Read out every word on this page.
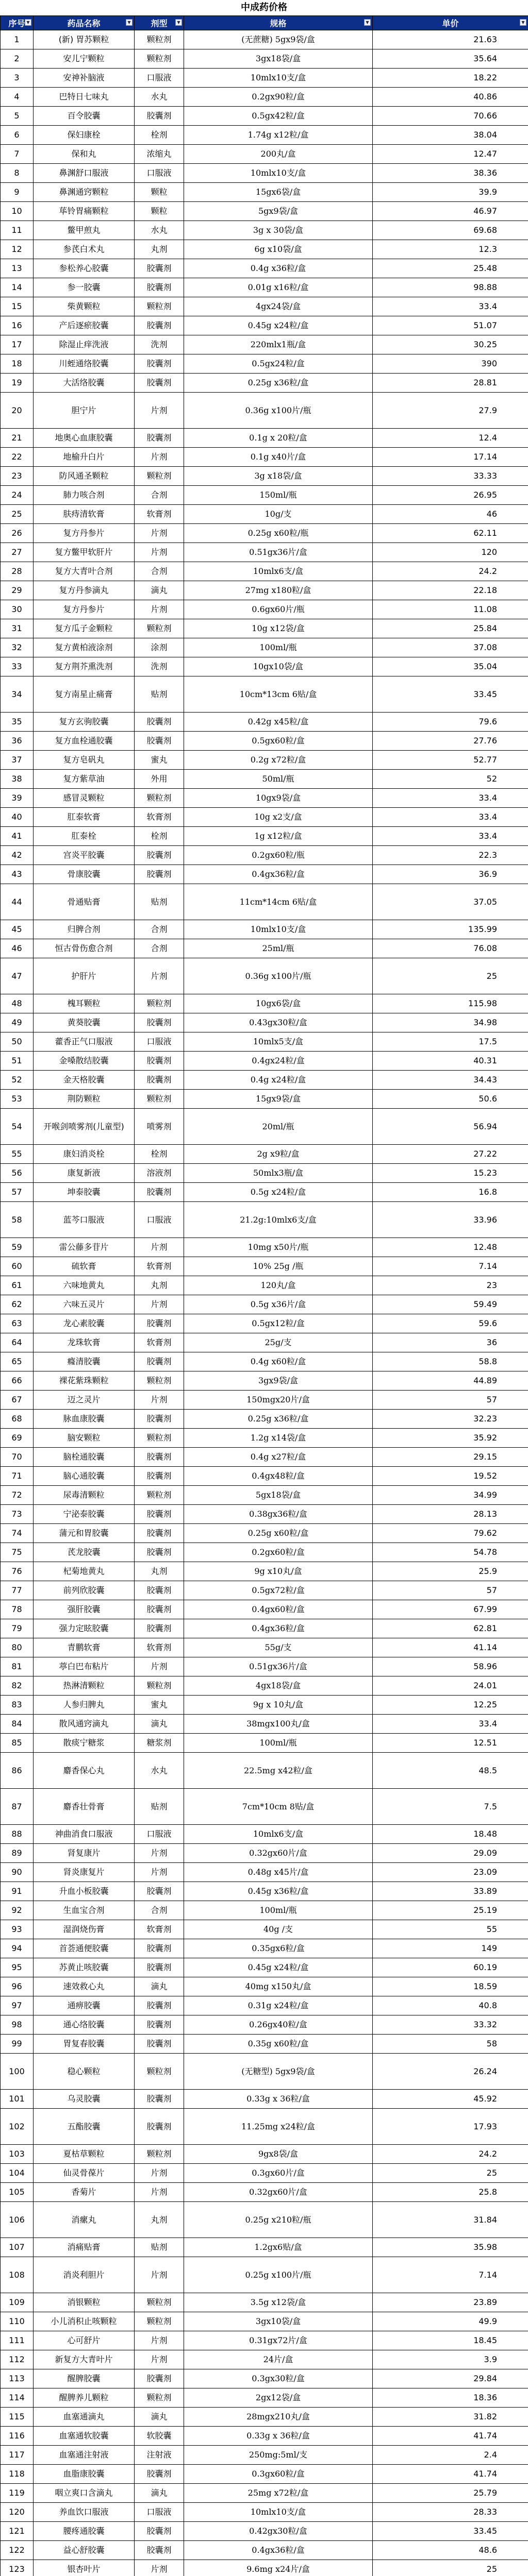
中成药价格
序号 ▼	药品名称 ▼	剂型 ▼	规格 ▼	单价 ▼

1	(新) 胃苏颗粒	颗粒剂	(无蔗糖) 5gx9袋/盒	21.63
2	安儿宁颗粒	颗粒剂	3gx18袋/盒	35.64
3	安神补脑液	口服液	10mlx10支/盒	18.22
4	巴特日七味丸	水丸	0.2gx90粒/盒	40.86
5	百令胶囊	胶囊剂	0.5gx42粒/盒	70.66
6	保妇康栓	栓剂	1.74g x12粒/盒	38.04
7	保和丸	浓缩丸	200丸/盒	12.47
8	鼻渊舒口服液	口服液	10mlx10支/盒	38.36
9	鼻渊通窍颗粒	颗粒	15gx6袋/盒	39.9
10	荜铃胃痛颗粒	颗粒	5gx9袋/盒	46.97
11	鳖甲煎丸	水丸	3g x 30袋/盒	69.68
12	参芪白术丸	丸剂	6g x10袋/盒	12.3
13	参松养心胶囊	胶囊剂	0.4g x36粒/盒	25.48
14	参一胶囊	胶囊剂	0.01g x16粒/盒	98.88
15	柴黄颗粒	颗粒剂	4gx24袋/盒	33.4
16	产后逐瘀胶囊	胶囊剂	0.45g x24粒/盒	51.07
17	除湿止痒洗液	洗剂	220mlx1瓶/盒	30.25
18	川蛭通络胶囊	胶囊剂	0.5gx24粒/盒	390
19	大活络胶囊	胶囊剂	0.25g x36粒/盒	28.81
20	胆宁片	片剂	0.36g x100片/瓶	27.9
21	地奥心血康胶囊	胶囊剂	0.1g x 20粒/盒	12.4
22	地榆升白片	片剂	0.1g x40片/盒	17.14
23	防风通圣颗粒	颗粒剂	3g x18袋/盒	33.33
24	肺力咳合剂	合剂	150ml/瓶	26.95
25	肤痔清软膏	软膏剂	10g/支	46
26	复方丹参片	片剂	0.25g x60粒/瓶	62.11
27	复方鳖甲软肝片	片剂	0.51gx36片/盒	120
28	复方大青叶合剂	合剂	10mlx6支/盒	24.2
29	复方丹参滴丸	滴丸	27mg x180粒/盒	22.18
30	复方丹参片	片剂	0.6gx60片/瓶	11.08
31	复方瓜子金颗粒	颗粒剂	10g x12袋/盒	25.84
32	复方黄柏液涂剂	涂剂	100ml/瓶	37.08
33	复方荆芥熏洗剂	洗剂	10gx10袋/盒	35.04
34	复方南星止痛膏	贴剂	10cm*13cm 6贴/盒	33.45
35	复方玄驹胶囊	胶囊剂	0.42g x45粒/盒	79.6
36	复方血栓通胶囊	胶囊剂	0.5gx60粒/盒	27.76
37	复方皂矾丸	蜜丸	0.2g x72粒/盒	52.77
38	复方紫草油	外用	50ml/瓶	52
39	感冒灵颗粒	颗粒剂	10gx9袋/盒	33.4
40	肛泰软膏	软膏剂	10g x2支/盒	33.4
41	肛泰栓	栓剂	1g x12粒/盒	33.4
42	宫炎平胶囊	胶囊剂	0.2gx60粒/瓶	22.3
43	骨康胶囊	胶囊剂	0.4gx36粒/盒	36.9
44	骨通贴膏	贴剂	11cm*14cm 6贴/盒	37.05
45	归脾合剂	合剂	10mlx10支/盒	135.99
46	恒古骨伤愈合剂	合剂	25ml/瓶	76.08
47	护肝片	片剂	0.36g x100片/瓶	25
48	槐耳颗粒	颗粒剂	10gx6袋/盒	115.98
49	黄葵胶囊	胶囊剂	0.43gx30粒/盒	34.98
50	藿香正气口服液	口服液	10mlx5支/盒	17.5
51	金嗓散结胶囊	胶囊剂	0.4gx24粒/盒	40.31
52	金天格胶囊	胶囊剂	0.4g x24粒/盒	34.43
53	荆防颗粒	颗粒剂	15gx9袋/盒	50.6
54	开喉剑喷雾剂(儿童型)	喷雾剂	20ml/瓶	56.94
55	康妇消炎栓	栓剂	2g x9粒/盒	27.22
56	康复新液	溶液剂	50mlx3瓶/盒	15.23
57	坤泰胶囊	胶囊剂	0.5g x24粒/盒	16.8
58	蓝芩口服液	口服液	21.2g:10mlx6支/盒	33.96
59	雷公藤多苷片	片剂	10mg x50片/瓶	12.48
60	硫软膏	软膏剂	10% 25g /瓶	7.14
61	六味地黄丸	丸剂	120丸/盒	23
62	六味五灵片	片剂	0.5g x36片/盒	59.49
63	龙心素胶囊	胶囊剂	0.5gx12粒/盒	59.6
64	龙珠软膏	软膏剂	25g/支	36
65	癃清胶囊	胶囊剂	0.4g x60粒/盒	58.8
66	裸花紫珠颗粒	颗粒剂	3gx9袋/盒	44.89
67	迈之灵片	片剂	150mgx20片/盒	57
68	脉血康胶囊	胶囊剂	0.25g x36粒/盒	32.23
69	脑安颗粒	颗粒剂	1.2g x14袋/盒	35.92
70	脑栓通胶囊	胶囊剂	0.4g x27粒/盒	29.15
71	脑心通胶囊	胶囊剂	0.4gx48粒/盒	19.52
72	尿毒清颗粒	颗粒剂	5gx18袋/盒	34.99
73	宁泌泰胶囊	胶囊剂	0.38gx36粒/盒	28.13
74	蒲元和胃胶囊	胶囊剂	0.25g x60粒/盒	79.62
75	芪龙胶囊	胶囊剂	0.2gx60粒/盒	54.78
76	杞菊地黄丸	丸剂	9g x10丸/盒	25.9
77	前列欣胶囊	胶囊剂	0.5gx72粒/盒	57
78	强肝胶囊	胶囊剂	0.4gx60粒/盒	67.99
79	强力定眩胶囊	胶囊剂	0.4gx36粒/盒	62.81
80	青鹏软膏	软膏剂	55g/支	41.14
81	葶白巴布粘片	片剂	0.51gx36片/盒	58.96
82	热淋清颗粒	颗粒剂	4gx18袋/盒	24.01
83	人参归脾丸	蜜丸	9g x 10丸/盒	12.25
84	散风通窍滴丸	滴丸	38mgx100丸/盒	33.4
85	散痰宁糖浆	糖浆剂	100ml/瓶	12.51
86	麝香保心丸	水丸	22.5mg x42粒/盒	48.5
87	麝香壮骨膏	贴剂	7cm*10cm 8贴/盒	7.5
88	神曲消食口服液	口服液	10mlx6支/盒	18.48
89	肾复康片	片剂	0.32gx60片/盒	29.09
90	肾炎康复片	片剂	0.48g x45片/盒	23.09
91	升血小板胶囊	胶囊剂	0.45g x36粒/盒	33.89
92	生血宝合剂	合剂	100ml/瓶	25.19
93	湿润烧伤膏	软膏剂	40g /支	55
94	首荟通便胶囊	胶囊剂	0.35gx6粒/盒	149
95	苏黄止咳胶囊	胶囊剂	0.45g x24粒/盒	60.19
96	速效救心丸	滴丸	40mg x150丸/盒	18.59
97	通痹胶囊	胶囊剂	0.31g x24粒/盒	40.8
98	通心络胶囊	胶囊剂	0.26gx40粒/盒	33.32
99	胃复春胶囊	胶囊剂	0.35g x60粒/盒	58
100	稳心颗粒	颗粒剂	(无糖型) 5gx9袋/盒	26.24
101	乌灵胶囊	胶囊剂	0.33g x 36粒/盒	45.92
102	五酯胶囊	胶囊剂	11.25mg x24粒/盒	17.93
103	夏枯草颗粒	颗粒剂	9gx8袋/盒	24.2
104	仙灵骨葆片	片剂	0.3gx60片/盒	25
105	香菊片	片剂	0.32gx60片/盒	25.8
106	消瘰丸	丸剂	0.25g x210粒/瓶	31.84
107	消痛贴膏	贴剂	1.2gx6贴/盒	35.98
108	消炎利胆片	片剂	0.25g x100片/瓶	7.14
109	消银颗粒	颗粒剂	3.5g x12袋/盒	23.89
110	小儿消积止咳颗粒	颗粒剂	3gx10袋/盒	49.9
111	心可舒片	片剂	0.31gx72片/盒	18.45
112	新复方大青叶片	片剂	24片/盒	3.9
113	醒脾胶囊	胶囊剂	0.3gx30粒/盒	29.84
114	醒脾养儿颗粒	颗粒剂	2gx12袋/盒	18.36
115	血塞通滴丸	滴丸	28mgx210丸/盒	31.82
116	血塞通软胶囊	软胶囊	0.33g x 36粒/盒	41.74
117	血塞通注射液	注射液	250mg:5ml/支	2.4
118	血脂康胶囊	胶囊剂	0.3gx60粒/盒	41.74
119	咽立爽口含滴丸	滴丸	25mg x72粒/盒	25.79
120	养血饮口服液	口服液	10mlx10支/盒	28.33
121	腰疼通胶囊	胶囊剂	0.42gx30粒/盒	33.45
122	益心舒胶囊	胶囊剂	0.4gx36粒/盒	48.6
123	银杏叶片	片剂	9.6mg x24片/盒	25
